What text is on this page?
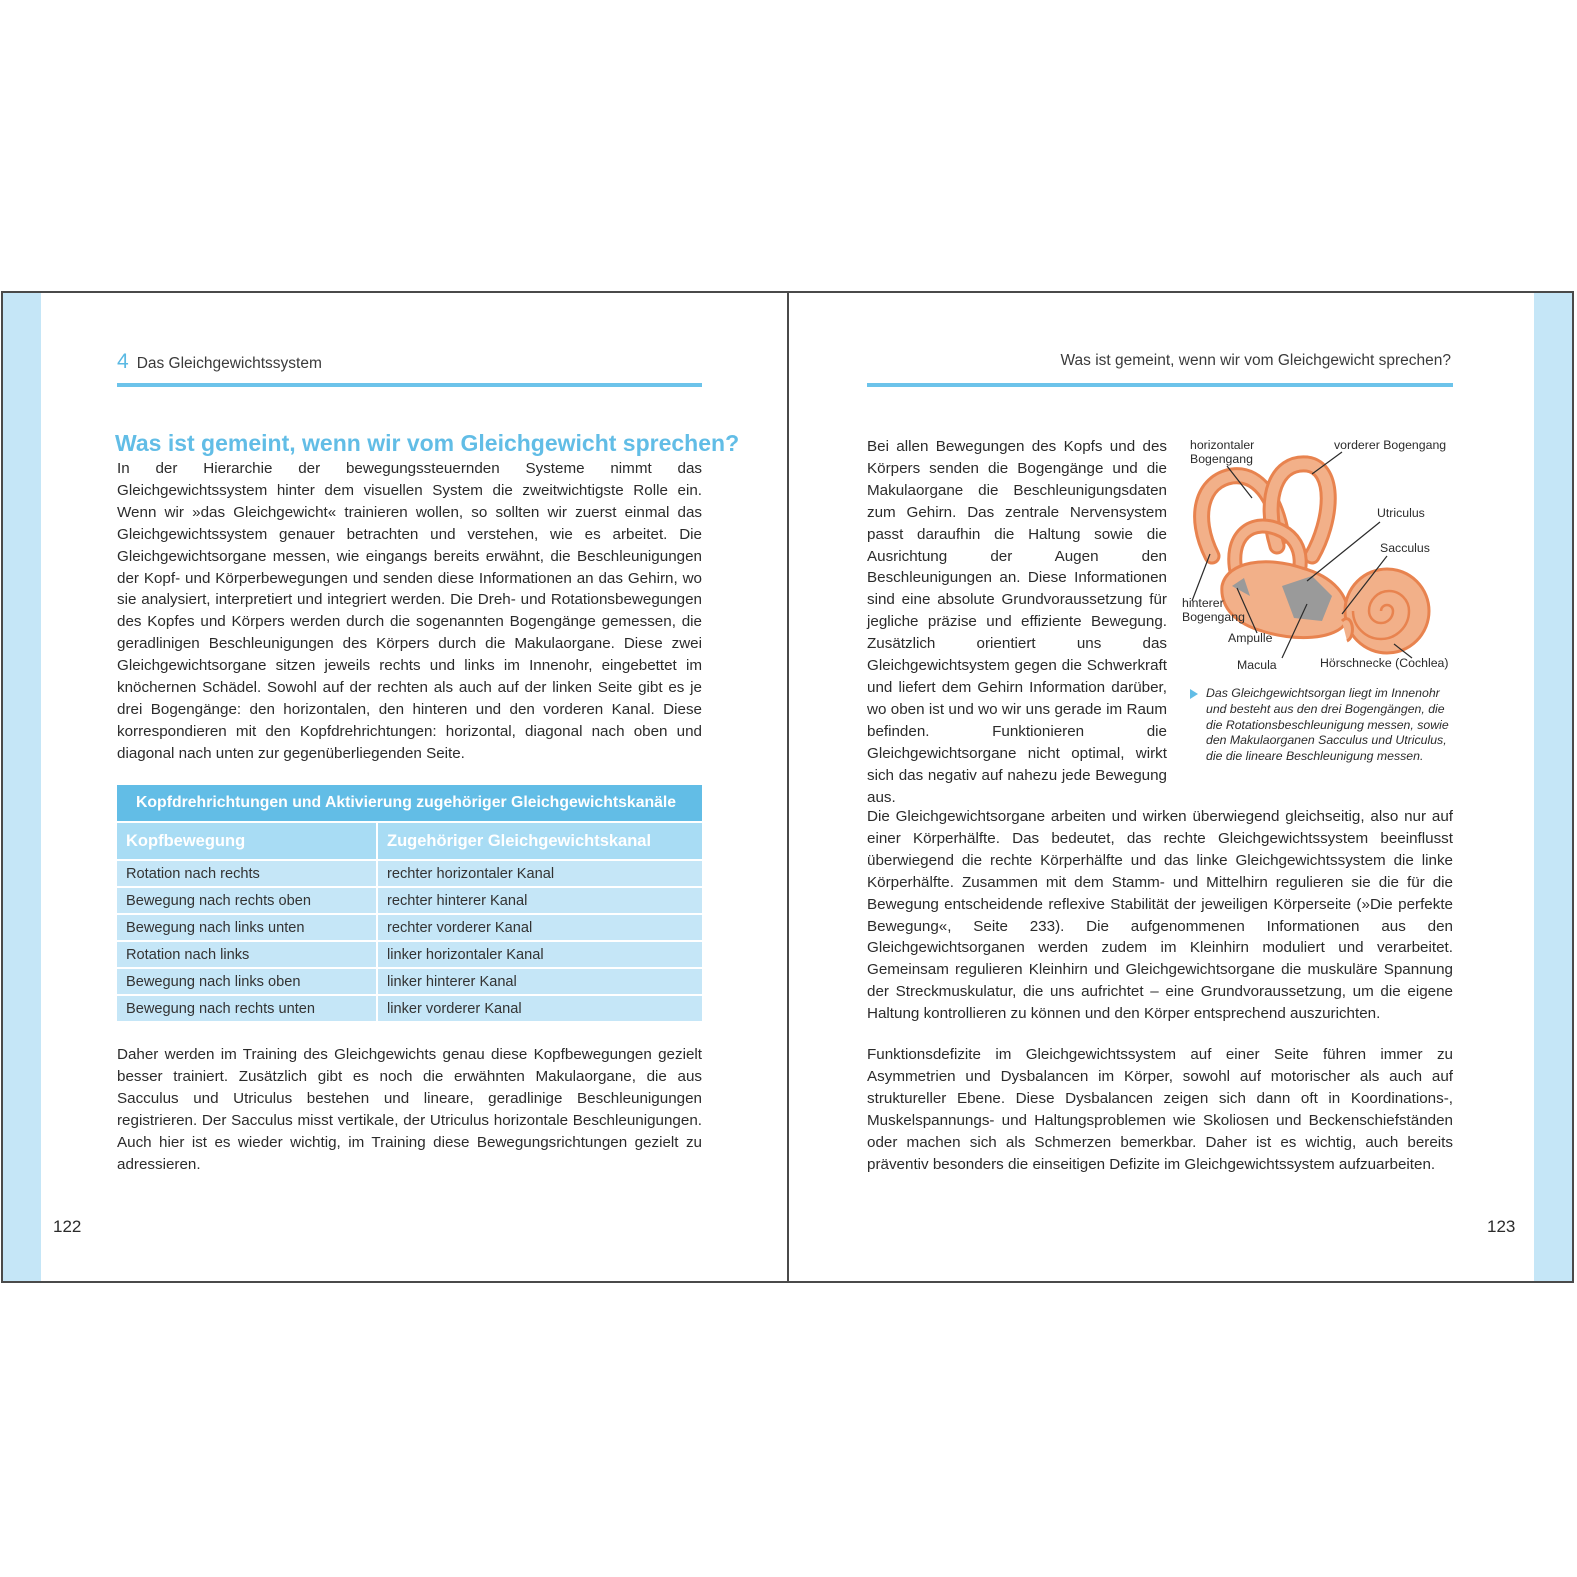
4 Das Gleichgewichtssystem
Was ist gemeint, wenn wir vom Gleichgewicht sprechen?
In der Hierarchie der bewegungssteuernden Systeme nimmt das Gleichgewichtssystem hinter dem visuellen System die zweitwichtigste Rolle ein. Wenn wir »das Gleichgewicht« trainieren wollen, so sollten wir zuerst einmal das Gleichgewichtssystem genauer betrachten und verstehen, wie es arbeitet. Die Gleichgewichtsorgane messen, wie eingangs bereits erwähnt, die Beschleunigungen der Kopf- und Körperbewegungen und senden diese Informationen an das Gehirn, wo sie analysiert, interpretiert und integriert werden. Die Dreh- und Rotationsbewegungen des Kopfes und Körpers werden durch die sogenannten Bogengänge gemessen, die geradlinigen Beschleunigungen des Körpers durch die Makulaorgane. Diese zwei Gleichgewichtsorgane sitzen jeweils rechts und links im Innenohr, eingebettet im knöchernen Schädel. Sowohl auf der rechten als auch auf der linken Seite gibt es je drei Bogengänge: den horizontalen, den hinteren und den vorderen Kanal. Diese korrespondieren mit den Kopfdrehrichtungen: horizontal, diagonal nach oben und diagonal nach unten zur gegenüberliegenden Seite.
Kopfdrehrichtungen und Aktivierung zugehöriger Gleichgewichtskanäle	
Kopfbewegung	Zugehöriger Gleichgewichtskanal
Rotation nach rechts	rechter horizontaler Kanal
Bewegung nach rechts oben	rechter hinterer Kanal
Bewegung nach links unten	rechter vorderer Kanal
Rotation nach links	linker horizontaler Kanal
Bewegung nach links oben	linker hinterer Kanal
Bewegung nach rechts unten	linker vorderer Kanal
Daher werden im Training des Gleichgewichts genau diese Kopfbewegungen gezielt besser trainiert. Zusätzlich gibt es noch die erwähnten Makulaorgane, die aus Sacculus und Utriculus bestehen und lineare, geradlinige Beschleunigungen registrieren. Der Sacculus misst vertikale, der Utriculus horizontale Beschleunigungen. Auch hier ist es wieder wichtig, im Training diese Bewegungsrichtungen gezielt zu adressieren.
122
Was ist gemeint, wenn wir vom Gleichgewicht sprechen?
Bei allen Bewegungen des Kopfs und des Körpers senden die Bogengänge und die Makulaorgane die Beschleunigungsdaten zum Gehirn. Das zentrale Nervensystem passt daraufhin die Haltung sowie die Ausrichtung der Augen den Beschleunigungen an. Diese Informationen sind eine absolute Grundvoraussetzung für jegliche präzise und effiziente Bewegung. Zusätzlich orientiert uns das Gleichgewichtsystem gegen die Schwerkraft und liefert dem Gehirn Information darüber, wo oben ist und wo wir uns gerade im Raum befinden. Funktionieren die Gleichgewichtsorgane nicht optimal, wirkt sich das negativ auf nahezu jede Bewegung aus.
horizontaler Bogengang
vorderer Bogengang
Utriculus
Sacculus
hinterer Bogengang
Ampulle
Macula	Hörschnecke (Cochlea)
Das Gleichgewichtsorgan liegt im Innenohr und besteht aus den drei Bogengängen, die die Rotationsbeschleunigung messen, sowie den Makulaorganen Sacculus und Utriculus, die die lineare Beschleunigung messen.
Die Gleichgewichtsorgane arbeiten und wirken überwiegend gleichseitig, also nur auf einer Körperhälfte. Das bedeutet, das rechte Gleichgewichtssystem beeinflusst überwiegend die rechte Körperhälfte und das linke Gleichgewichtssystem die linke Körperhälfte. Zusammen mit dem Stamm- und Mittelhirn regulieren sie die für die Bewegung entscheidende reflexive Stabilität der jeweiligen Körperseite (»Die perfekte Bewegung«, Seite 233). Die aufgenommenen Informationen aus den Gleichgewichtsorganen werden zudem im Kleinhirn moduliert und verarbeitet. Gemeinsam regulieren Kleinhirn und Gleichgewichtsorgane die muskuläre Spannung der Streckmuskulatur, die uns aufrichtet – eine Grundvoraussetzung, um die eigene Haltung kontrollieren zu können und den Körper entsprechend auszurichten.
Funktionsdefizite im Gleichgewichtssystem auf einer Seite führen immer zu Asymmetrien und Dysbalancen im Körper, sowohl auf motorischer als auch auf struktureller Ebene. Diese Dysbalancen zeigen sich dann oft in Koordinations-, Muskelspannungs- und Haltungsproblemen wie Skoliosen und Beckenschiefständen oder machen sich als Schmerzen bemerkbar. Daher ist es wichtig, auch bereits präventiv besonders die einseitigen Defizite im Gleichgewichtssystem aufzuarbeiten.
123
